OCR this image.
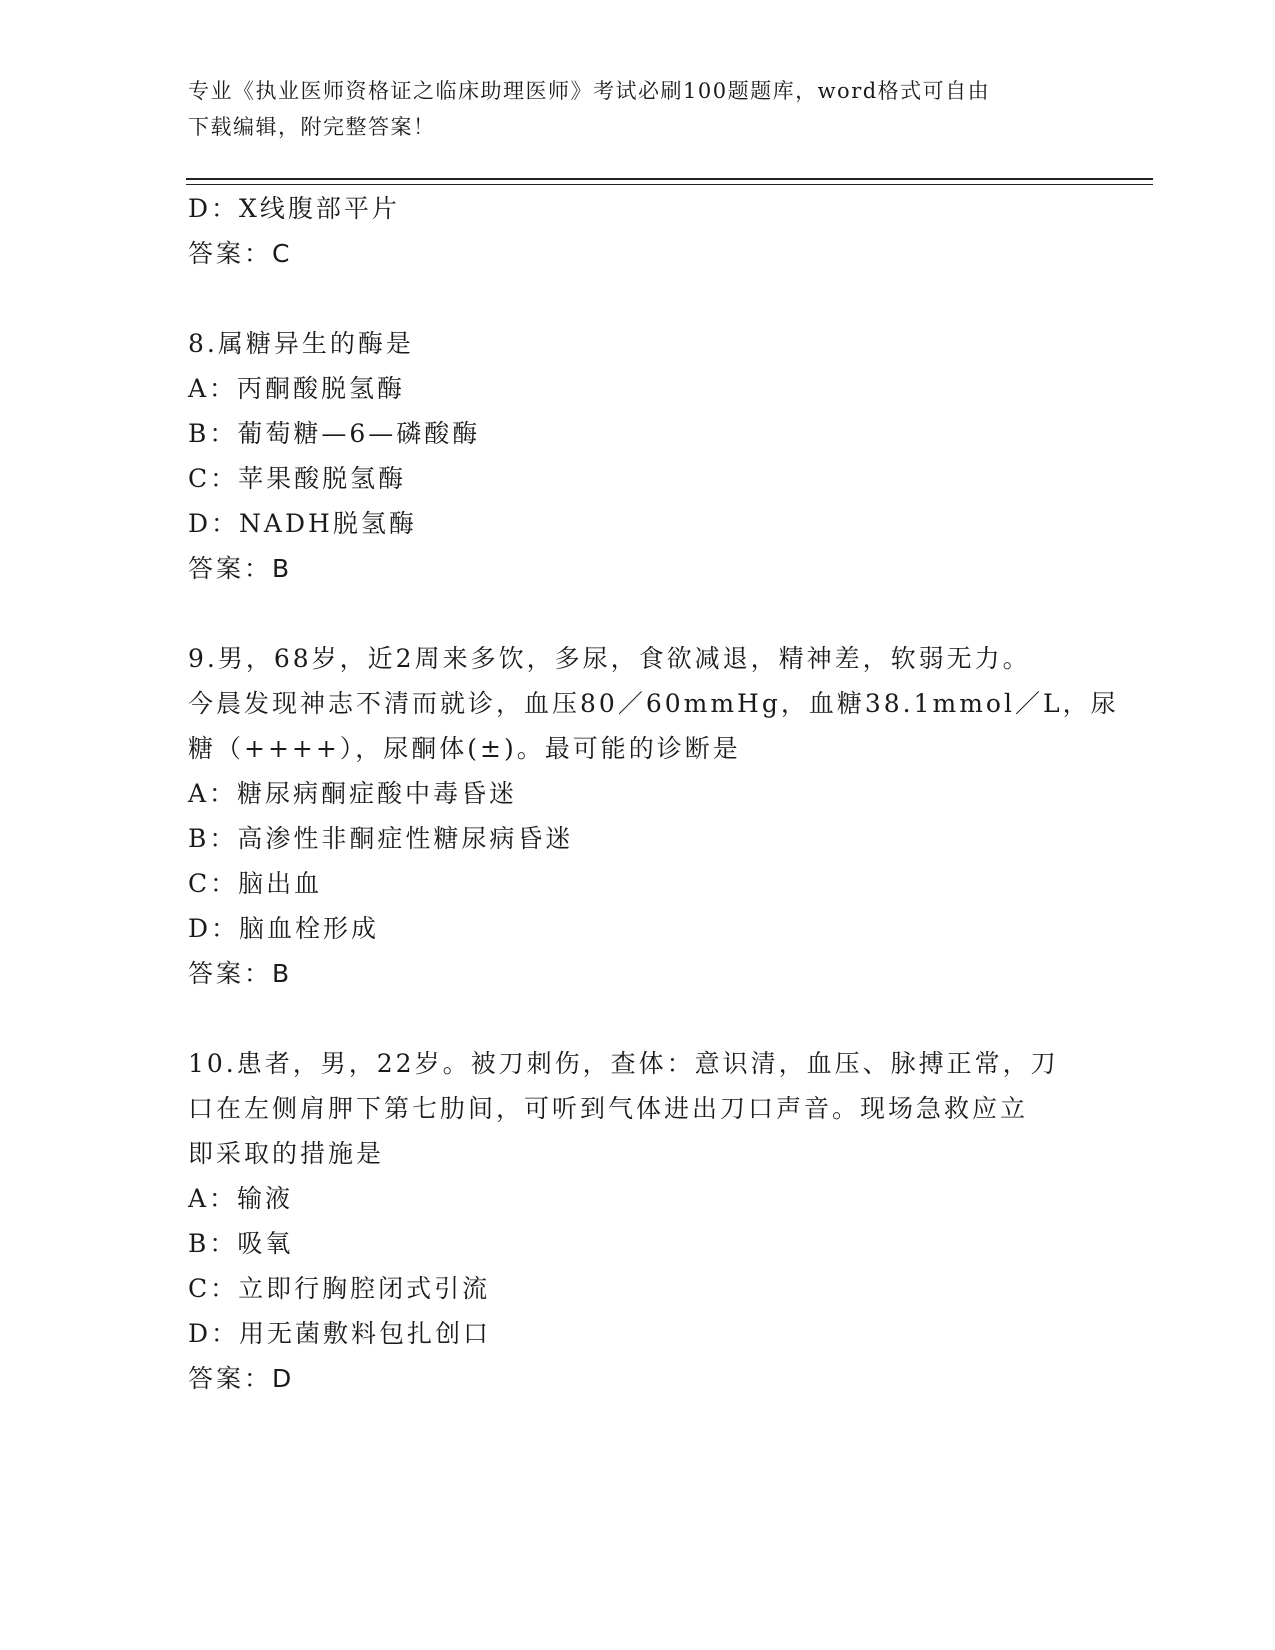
专业《执业医师资格证之临床助理医师》考试必刷100题题库，word格式可自由
下载编辑，附完整答案！
D：X线腹部平片
答案：C
8.属糖异生的酶是
A：丙酮酸脱氢酶
B：葡萄糖—6—磷酸酶
C：苹果酸脱氢酶
D：NADH脱氢酶
答案：B
9.男，68岁，近2周来多饮，多尿，食欲减退，精神差，软弱无力。
今晨发现神志不清而就诊，血压80／60mmHg，血糖38.1mmol／L，尿
糖（++++），尿酮体(±)。最可能的诊断是
A：糖尿病酮症酸中毒昏迷
B：高渗性非酮症性糖尿病昏迷
C：脑出血
D：脑血栓形成
答案：B
10.患者，男，22岁。被刀刺伤，查体：意识清，血压、脉搏正常，刀
口在左侧肩胛下第七肋间，可听到气体进出刀口声音。现场急救应立
即采取的措施是
A：输液
B：吸氧
C：立即行胸腔闭式引流
D：用无菌敷料包扎创口
答案：D
